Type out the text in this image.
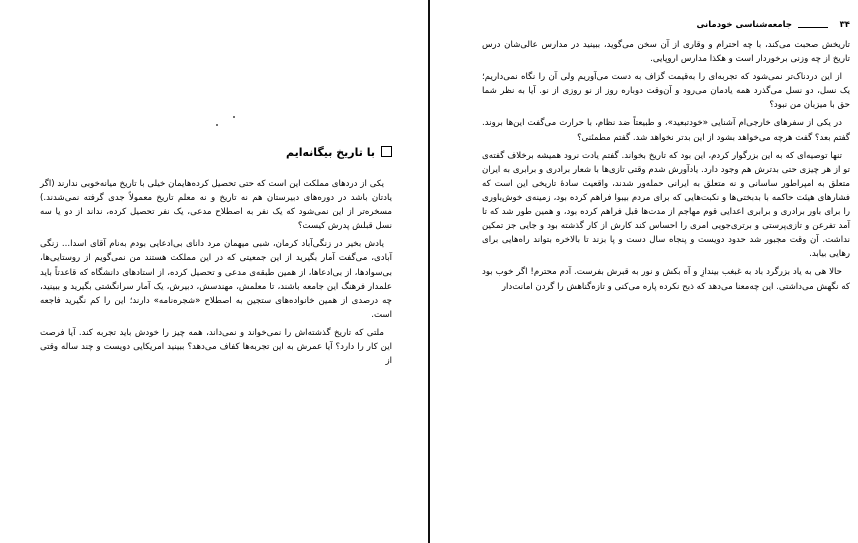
با تاریخ بیگانه‌ایم

یکی از دردهای مملکت این است که حتی تحصیل کرده‌هایمان خیلی با تاریخ میانه‌خوبی ندارند (اگر یادتان باشد در دوره‌های دبیرستان هم نه تاریخ و نه معلم تاریخ معمولاً جدی گرفته نمی‌شدند.) مسخره‌تر از این نمی‌شود که یک نفر به اصطلاح مدعی، یک نفر تحصیل کرده، نداند از دو یا سه نسل قبلش پدرش کیست؟

یادش بخیر در زنگی‌آباد کرمان، شبی میهمان مرد دانای بی‌ادعایی بودم به‌نام آقای اسدا... زنگی آبادی، می‌گفت آمار بگیرید از این جمعیتی که در این مملکت هستند من نمی‌گویم از روستایی‌ها، بی‌سوادها، از بی‌ادعاها، از همین طبقه‌ی مدعی و تحصیل کرده، از استادهای دانشگاه که قاعدتاً باید علمدار فرهنگ این جامعه باشند، تا معلمش، مهندسش، دبیرش، یک آمار سرانگشتی بگیرید و ببینید، چه درصدی از همین خانواده‌های ستجین به اصطلاح «شجره‌نامه» دارند؛ این را کم نگیرید فاجعه است.

ملتی که تاریخ گذشته‌اش را نمی‌خواند و نمی‌داند، همه چیز را خودش باید تجربه کند. آیا فرصت این کار را دارد؟ آیا عمرش به این تجربه‌ها کفاف می‌دهد؟ ببینید امریکایی دویست و چند ساله وقتی از

۳۴
جامعه‌شناسی خودمانی

تاریخش صحبت می‌کند، با چه احترام و وقاری از آن سخن می‌گوید، ببینید در مدارس عالی‌شان درس تاریخ از چه وزنی برخوردار است و هکذا مدارس اروپایی.

از این دردناک‌تر نمی‌شود که تجربه‌ای را به‌قیمت گزاف به دست می‌آوریم ولی آن را نگاه نمی‌داریم؛ یک نسل، دو نسل می‌گذرد همه یادمان می‌رود و آن‌وقت دوباره روز از نو روزی از نو. آیا به نظر شما حق با میزبان من نبود؟

در یکی از سفرهای خارجی‌ام آشنایی «خودتبعید»، و طبیعتاً ضد نظام، با حرارت می‌گفت این‌ها بروند. گفتم بعد؟ گفت هرچه می‌خواهد بشود از این بدتر نخواهد شد. گفتم مطمئنی؟

تنها توصیه‌ای که به این بزرگوار کردم، این بود که تاریخ بخواند. گفتم یادت نرود همیشه برخلاف گفته‌ی تو از هر چیزی حتی بدترش هم وجود دارد. یادآورش شدم وقتی تازی‌ها با شعار برادری و برابری به ایران متعلق به امپراطور ساسانی و نه متعلق به ایرانی حمله‌ور شدند، واقعیت سادهٔ تاریخی این است که فشارهای هیئت حاکمه با بدبختی‌ها و نکبت‌هایی که برای مردم بیبوا فراهم کرده بود، زمینه‌ی خوش‌باوری را برای باور برادری و برابری اعدایی قوم مهاجم از مدت‌ها قبل فراهم کرده بود، و همین طور شد که تا آمد تفرعن و تازی‌پرستی و برتری‌جویی امری را احساس کند کارش از کار گذشته بود و جایی جز تمکین نداشت. آن وقت مجبور شد حدود دویست و پنجاه سال دست و پا بزند تا بالاخره بتواند راه‌هایی برای رهایی بیابد.

حالا هی به یاد بزرگرد باد به غبغب بیندازِ و آه بکش و نور به قبرش بفرست. آدم محترم! اگر خوب بود که نگهش می‌داشتی. این چه‌معنا می‌دهد که ذبح نکرده پاره می‌کنی و تازه‌گناهش را گردن امانت‌دار
